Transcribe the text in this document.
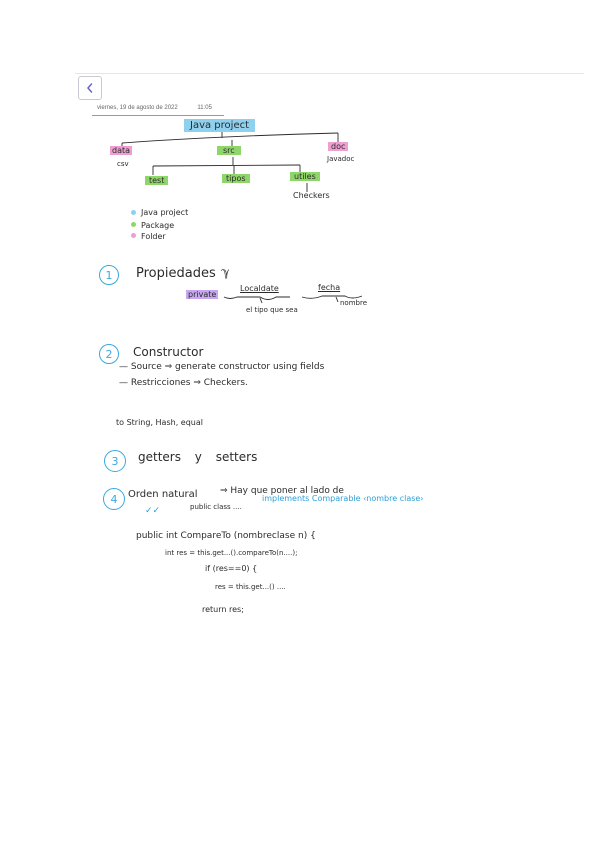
viernes, 19 de agosto de 2022	11:05
Java project
data
csv
src	doc
Javadoc
test	tipos	utiles
Checkers
Java project
Package
Folder
1	Propiedades ℽ
private
Localdate	fecha
el tipo que sea
nombre
2	Constructor
— Source ⇒ generate constructor using fields
— Restricciones ⇒ Checkers.
to String, Hash, equal
3	getters y setters
4	Orden natural ⇒ Hay que poner al lado de
✓✓	public class ....
implements Comparable ‹nombre clase›
public int CompareTo (nombreclase n) {
int res = this.get...().compareTo(n....);
if (res==0) {
res = this.get...() ....
return res;
